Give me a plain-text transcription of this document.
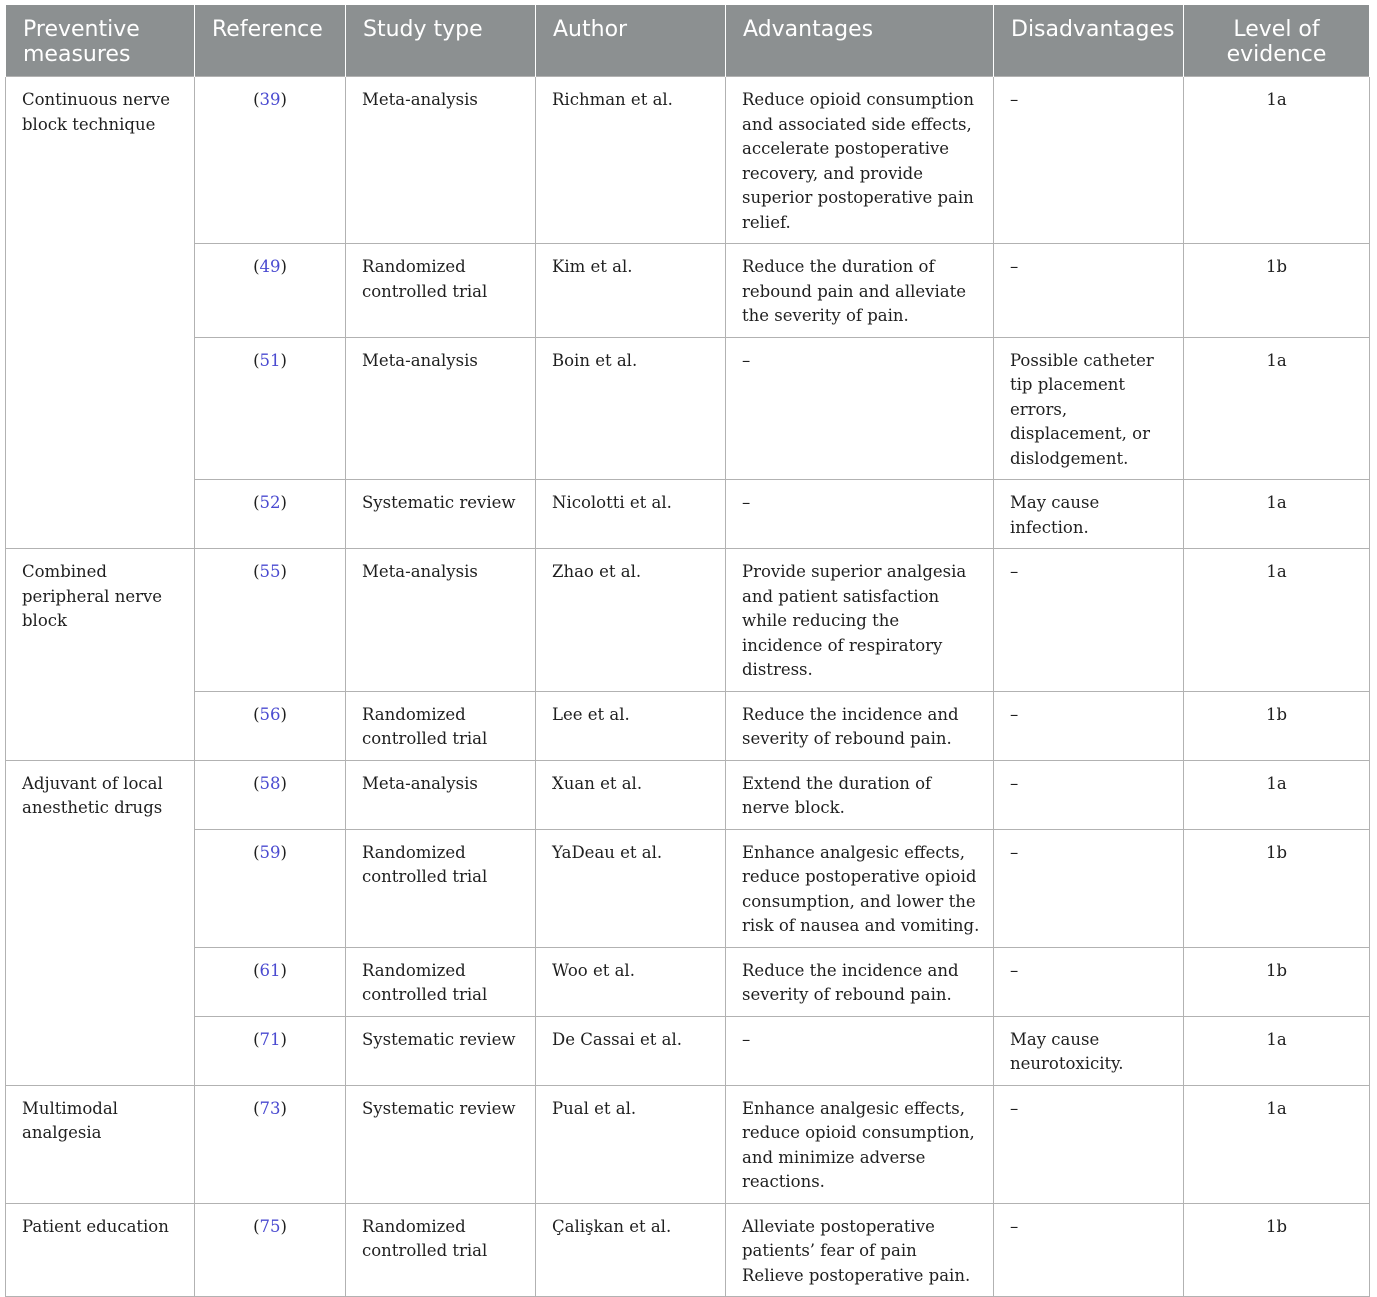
Preventive measures	Reference	Study type	Author	Advantages	Disadvantages	Level of evidence
Continuous nerve block technique	(39)	Meta-analysis	Richman et al.	Reduce opioid consumption and associated side effects, accelerate postoperative recovery, and provide superior postoperative pain relief.	–	1a
	(49)	Randomized controlled trial	Kim et al.	Reduce the duration of rebound pain and alleviate the severity of pain.	–	1b
	(51)	Meta-analysis	Boin et al.	–	Possible catheter tip placement errors, displacement, or dislodgement.	1a
	(52)	Systematic review	Nicolotti et al.	–	May cause infection.	1a
Combined peripheral nerve block	(55)	Meta-analysis	Zhao et al.	Provide superior analgesia and patient satisfaction while reducing the incidence of respiratory distress.	–	1a
	(56)	Randomized controlled trial	Lee et al.	Reduce the incidence and severity of rebound pain.	–	1b
Adjuvant of local anesthetic drugs	(58)	Meta-analysis	Xuan et al.	Extend the duration of nerve block.	–	1a
	(59)	Randomized controlled trial	YaDeau et al.	Enhance analgesic effects, reduce postoperative opioid consumption, and lower the risk of nausea and vomiting.	–	1b
	(61)	Randomized controlled trial	Woo et al.	Reduce the incidence and severity of rebound pain.	–	1b
	(71)	Systematic review	De Cassai et al.	–	May cause neurotoxicity.	1a
Multimodal analgesia	(73)	Systematic review	Pual et al.	Enhance analgesic effects, reduce opioid consumption, and minimize adverse reactions.	–	1a
Patient education	(75)	Randomized controlled trial	Çalişkan et al.	Alleviate postoperative patients’ fear of pain Relieve postoperative pain.	–	1b
